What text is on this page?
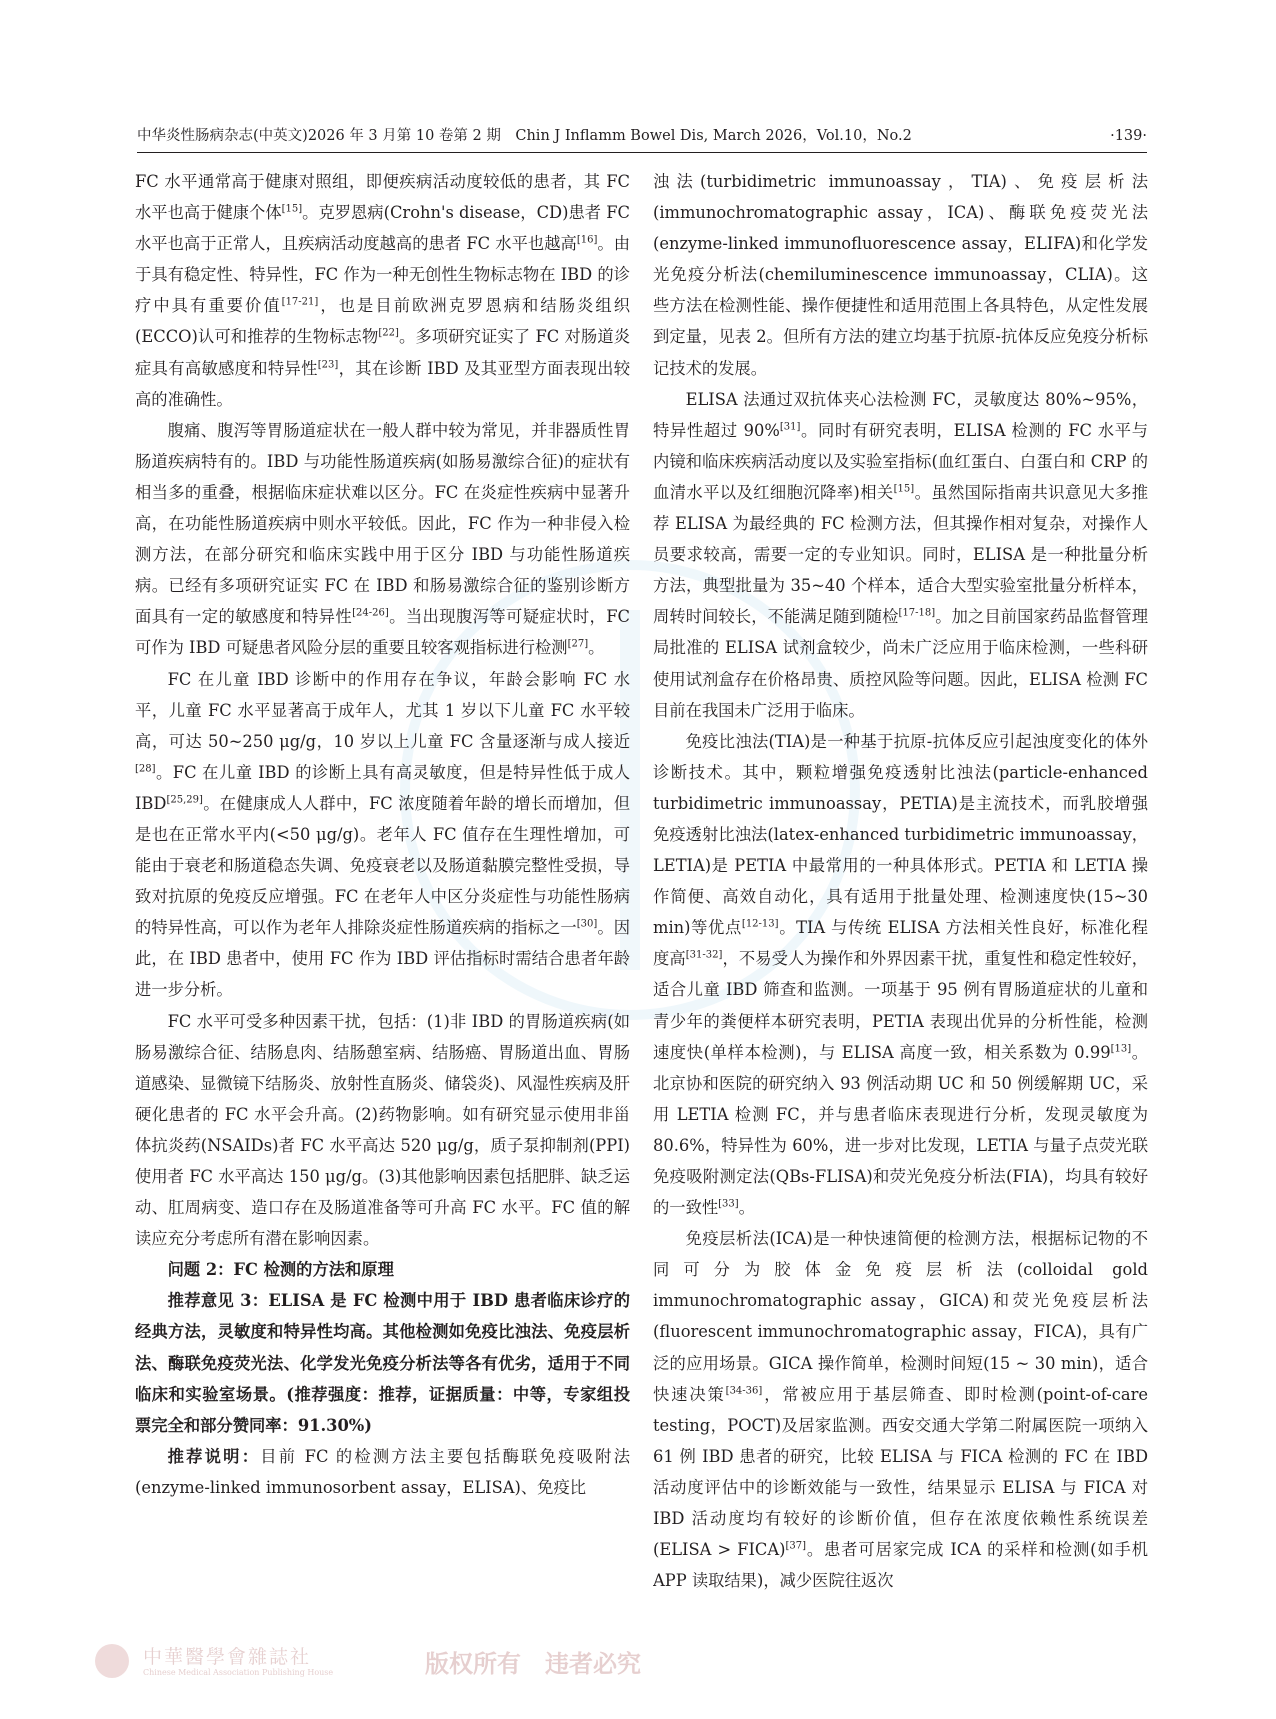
中华炎性肠病杂志(中英文)2026 年 3 月第 10 卷第 2 期　Chin J Inflamm Bowel Dis, March 2026，Vol.10，No.2	·139·

FC 水平通常高于健康对照组，即便疾病活动度较低的患者，其 FC 水平也高于健康个体[15]。克罗恩病(Crohn's disease，CD)患者 FC 水平也高于正常人，且疾病活动度越高的患者 FC 水平也越高[16]。由于具有稳定性、特异性，FC 作为一种无创性生物标志物在 IBD 的诊疗中具有重要价值[17-21]，也是目前欧洲克罗恩病和结肠炎组织(ECCO)认可和推荐的生物标志物[22]。多项研究证实了 FC 对肠道炎症具有高敏感度和特异性[23]，其在诊断 IBD 及其亚型方面表现出较高的准确性。

腹痛、腹泻等胃肠道症状在一般人群中较为常见，并非器质性胃肠道疾病特有的。IBD 与功能性肠道疾病(如肠易激综合征)的症状有相当多的重叠，根据临床症状难以区分。FC 在炎症性疾病中显著升高，在功能性肠道疾病中则水平较低。因此，FC 作为一种非侵入检测方法，在部分研究和临床实践中用于区分 IBD 与功能性肠道疾病。已经有多项研究证实 FC 在 IBD 和肠易激综合征的鉴别诊断方面具有一定的敏感度和特异性[24-26]。当出现腹泻等可疑症状时，FC 可作为 IBD 可疑患者风险分层的重要且较客观指标进行检测[27]。

FC 在儿童 IBD 诊断中的作用存在争议，年龄会影响 FC 水平，儿童 FC 水平显著高于成年人，尤其 1 岁以下儿童 FC 水平较高，可达 50~250 μg/g，10 岁以上儿童 FC 含量逐渐与成人接近[28]。FC 在儿童 IBD 的诊断上具有高灵敏度，但是特异性低于成人 IBD[25,29]。在健康成人人群中，FC 浓度随着年龄的增长而增加，但是也在正常水平内(<50 μg/g)。老年人 FC 值存在生理性增加，可能由于衰老和肠道稳态失调、免疫衰老以及肠道黏膜完整性受损，导致对抗原的免疫反应增强。FC 在老年人中区分炎症性与功能性肠病的特异性高，可以作为老年人排除炎症性肠道疾病的指标之一[30]。因此，在 IBD 患者中，使用 FC 作为 IBD 评估指标时需结合患者年龄进一步分析。

FC 水平可受多种因素干扰，包括：(1)非 IBD 的胃肠道疾病(如肠易激综合征、结肠息肉、结肠憩室病、结肠癌、胃肠道出血、胃肠道感染、显微镜下结肠炎、放射性直肠炎、储袋炎)、风湿性疾病及肝硬化患者的 FC 水平会升高。(2)药物影响。如有研究显示使用非甾体抗炎药(NSAIDs)者 FC 水平高达 520 μg/g，质子泵抑制剂(PPI)使用者 FC 水平高达 150 μg/g。(3)其他影响因素包括肥胖、缺乏运动、肛周病变、造口存在及肠道准备等可升高 FC 水平。FC 值的解读应充分考虑所有潜在影响因素。

问题 2：FC 检测的方法和原理

推荐意见 3：ELISA 是 FC 检测中用于 IBD 患者临床诊疗的经典方法，灵敏度和特异性均高。其他检测如免疫比浊法、免疫层析法、酶联免疫荧光法、化学发光免疫分析法等各有优劣，适用于不同临床和实验室场景。(推荐强度：推荐，证据质量：中等，专家组投票完全和部分赞同率：91.30%)

推荐说明：目前 FC 的检测方法主要包括酶联免疫吸附法(enzyme-linked immunosorbent assay，ELISA)、免疫比

浊法(turbidimetric immunoassay，TIA)、免疫层析法(immunochromatographic assay，ICA)、酶联免疫荧光法(enzyme-linked immunofluorescence assay，ELIFA)和化学发光免疫分析法(chemiluminescence immunoassay，CLIA)。这些方法在检测性能、操作便捷性和适用范围上各具特色，从定性发展到定量，见表 2。但所有方法的建立均基于抗原-抗体反应免疫分析标记技术的发展。

ELISA 法通过双抗体夹心法检测 FC，灵敏度达 80%~95%，特异性超过 90%[31]。同时有研究表明，ELISA 检测的 FC 水平与内镜和临床疾病活动度以及实验室指标(血红蛋白、白蛋白和 CRP 的血清水平以及红细胞沉降率)相关[15]。虽然国际指南共识意见大多推荐 ELISA 为最经典的 FC 检测方法，但其操作相对复杂，对操作人员要求较高，需要一定的专业知识。同时，ELISA 是一种批量分析方法，典型批量为 35~40 个样本，适合大型实验室批量分析样本，周转时间较长，不能满足随到随检[17-18]。加之目前国家药品监督管理局批准的 ELISA 试剂盒较少，尚未广泛应用于临床检测，一些科研使用试剂盒存在价格昂贵、质控风险等问题。因此，ELISA 检测 FC 目前在我国未广泛用于临床。

免疫比浊法(TIA)是一种基于抗原-抗体反应引起浊度变化的体外诊断技术。其中，颗粒增强免疫透射比浊法(particle-enhanced turbidimetric immunoassay，PETIA)是主流技术，而乳胶增强免疫透射比浊法(latex-enhanced turbidimetric immunoassay，LETIA)是 PETIA 中最常用的一种具体形式。PETIA 和 LETIA 操作简便、高效自动化，具有适用于批量处理、检测速度快(15~30 min)等优点[12-13]。TIA 与传统 ELISA 方法相关性良好，标准化程度高[31-32]，不易受人为操作和外界因素干扰，重复性和稳定性较好，适合儿童 IBD 筛查和监测。一项基于 95 例有胃肠道症状的儿童和青少年的粪便样本研究表明，PETIA 表现出优异的分析性能，检测速度快(单样本检测)，与 ELISA 高度一致，相关系数为 0.99[13]。北京协和医院的研究纳入 93 例活动期 UC 和 50 例缓解期 UC，采用 LETIA 检测 FC，并与患者临床表现进行分析，发现灵敏度为 80.6%，特异性为 60%，进一步对比发现，LETIA 与量子点荧光联免疫吸附测定法(QBs-FLISA)和荧光免疫分析法(FIA)，均具有较好的一致性[33]。

免疫层析法(ICA)是一种快速简便的检测方法，根据标记物的不同可分为胶体金免疫层析法(colloidal gold immunochromatographic assay，GICA)和荧光免疫层析法(fluorescent immunochromatographic assay，FICA)，具有广泛的应用场景。GICA 操作简单，检测时间短(15 ~ 30 min)，适合快速决策[34-36]，常被应用于基层筛查、即时检测(point-of-care testing，POCT)及居家监测。西安交通大学第二附属医院一项纳入 61 例 IBD 患者的研究，比较 ELISA 与 FICA 检测的 FC 在 IBD 活动度评估中的诊断效能与一致性，结果显示 ELISA 与 FICA 对 IBD 活动度均有较好的诊断价值，但存在浓度依赖性系统误差(ELISA > FICA)[37]。患者可居家完成 ICA 的采样和检测(如手机 APP 读取结果)，减少医院往返次

中華醫學會雜誌社
Chinese Medical Association Publishing House	版权所有　违者必究
